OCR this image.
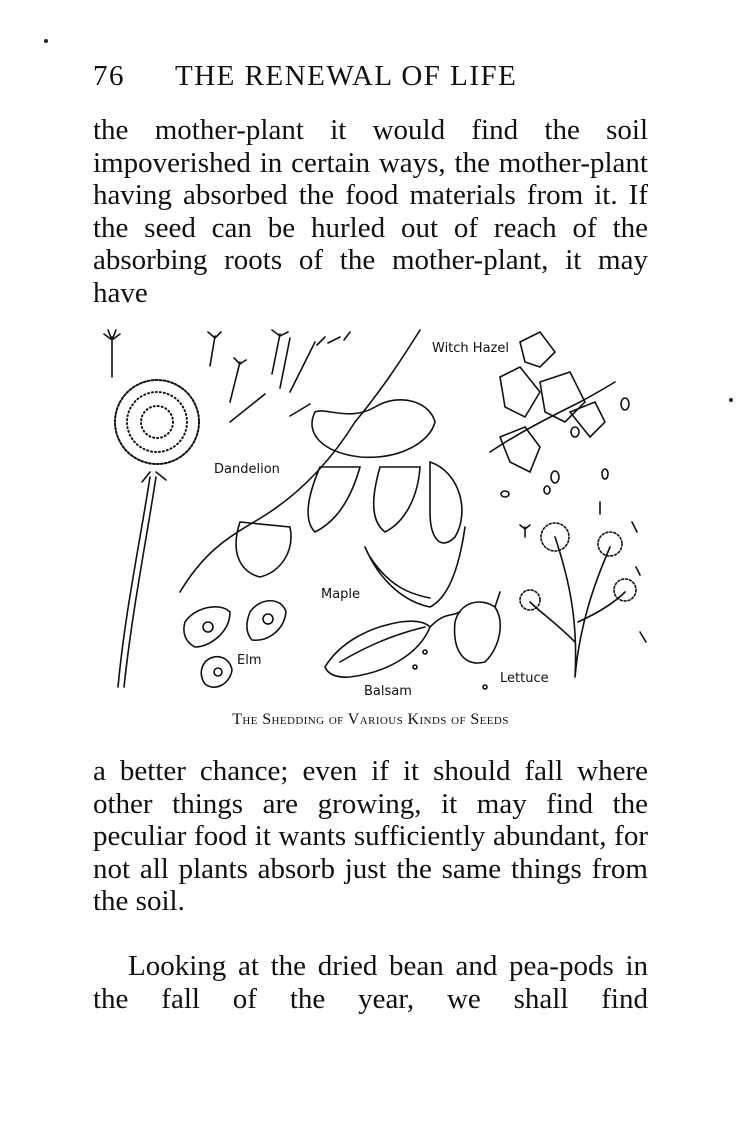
76 THE RENEWAL OF LIFE
the mother-plant it would find the soil impoverished in certain ways, the mother-plant having absorbed the food materials from it. If the seed can be hurled out of reach of the absorbing roots of the mother-plant, it may have
Witch Hazel
Dandelion
Maple
Elm
Balsam
Lettuce
The Shedding of Various Kinds of Seeds
a better chance; even if it should fall where other things are growing, it may find the peculiar food it wants sufficiently abundant, for not all plants absorb just the same things from the soil.
Looking at the dried bean and pea-pods in the fall of the year, we shall find
